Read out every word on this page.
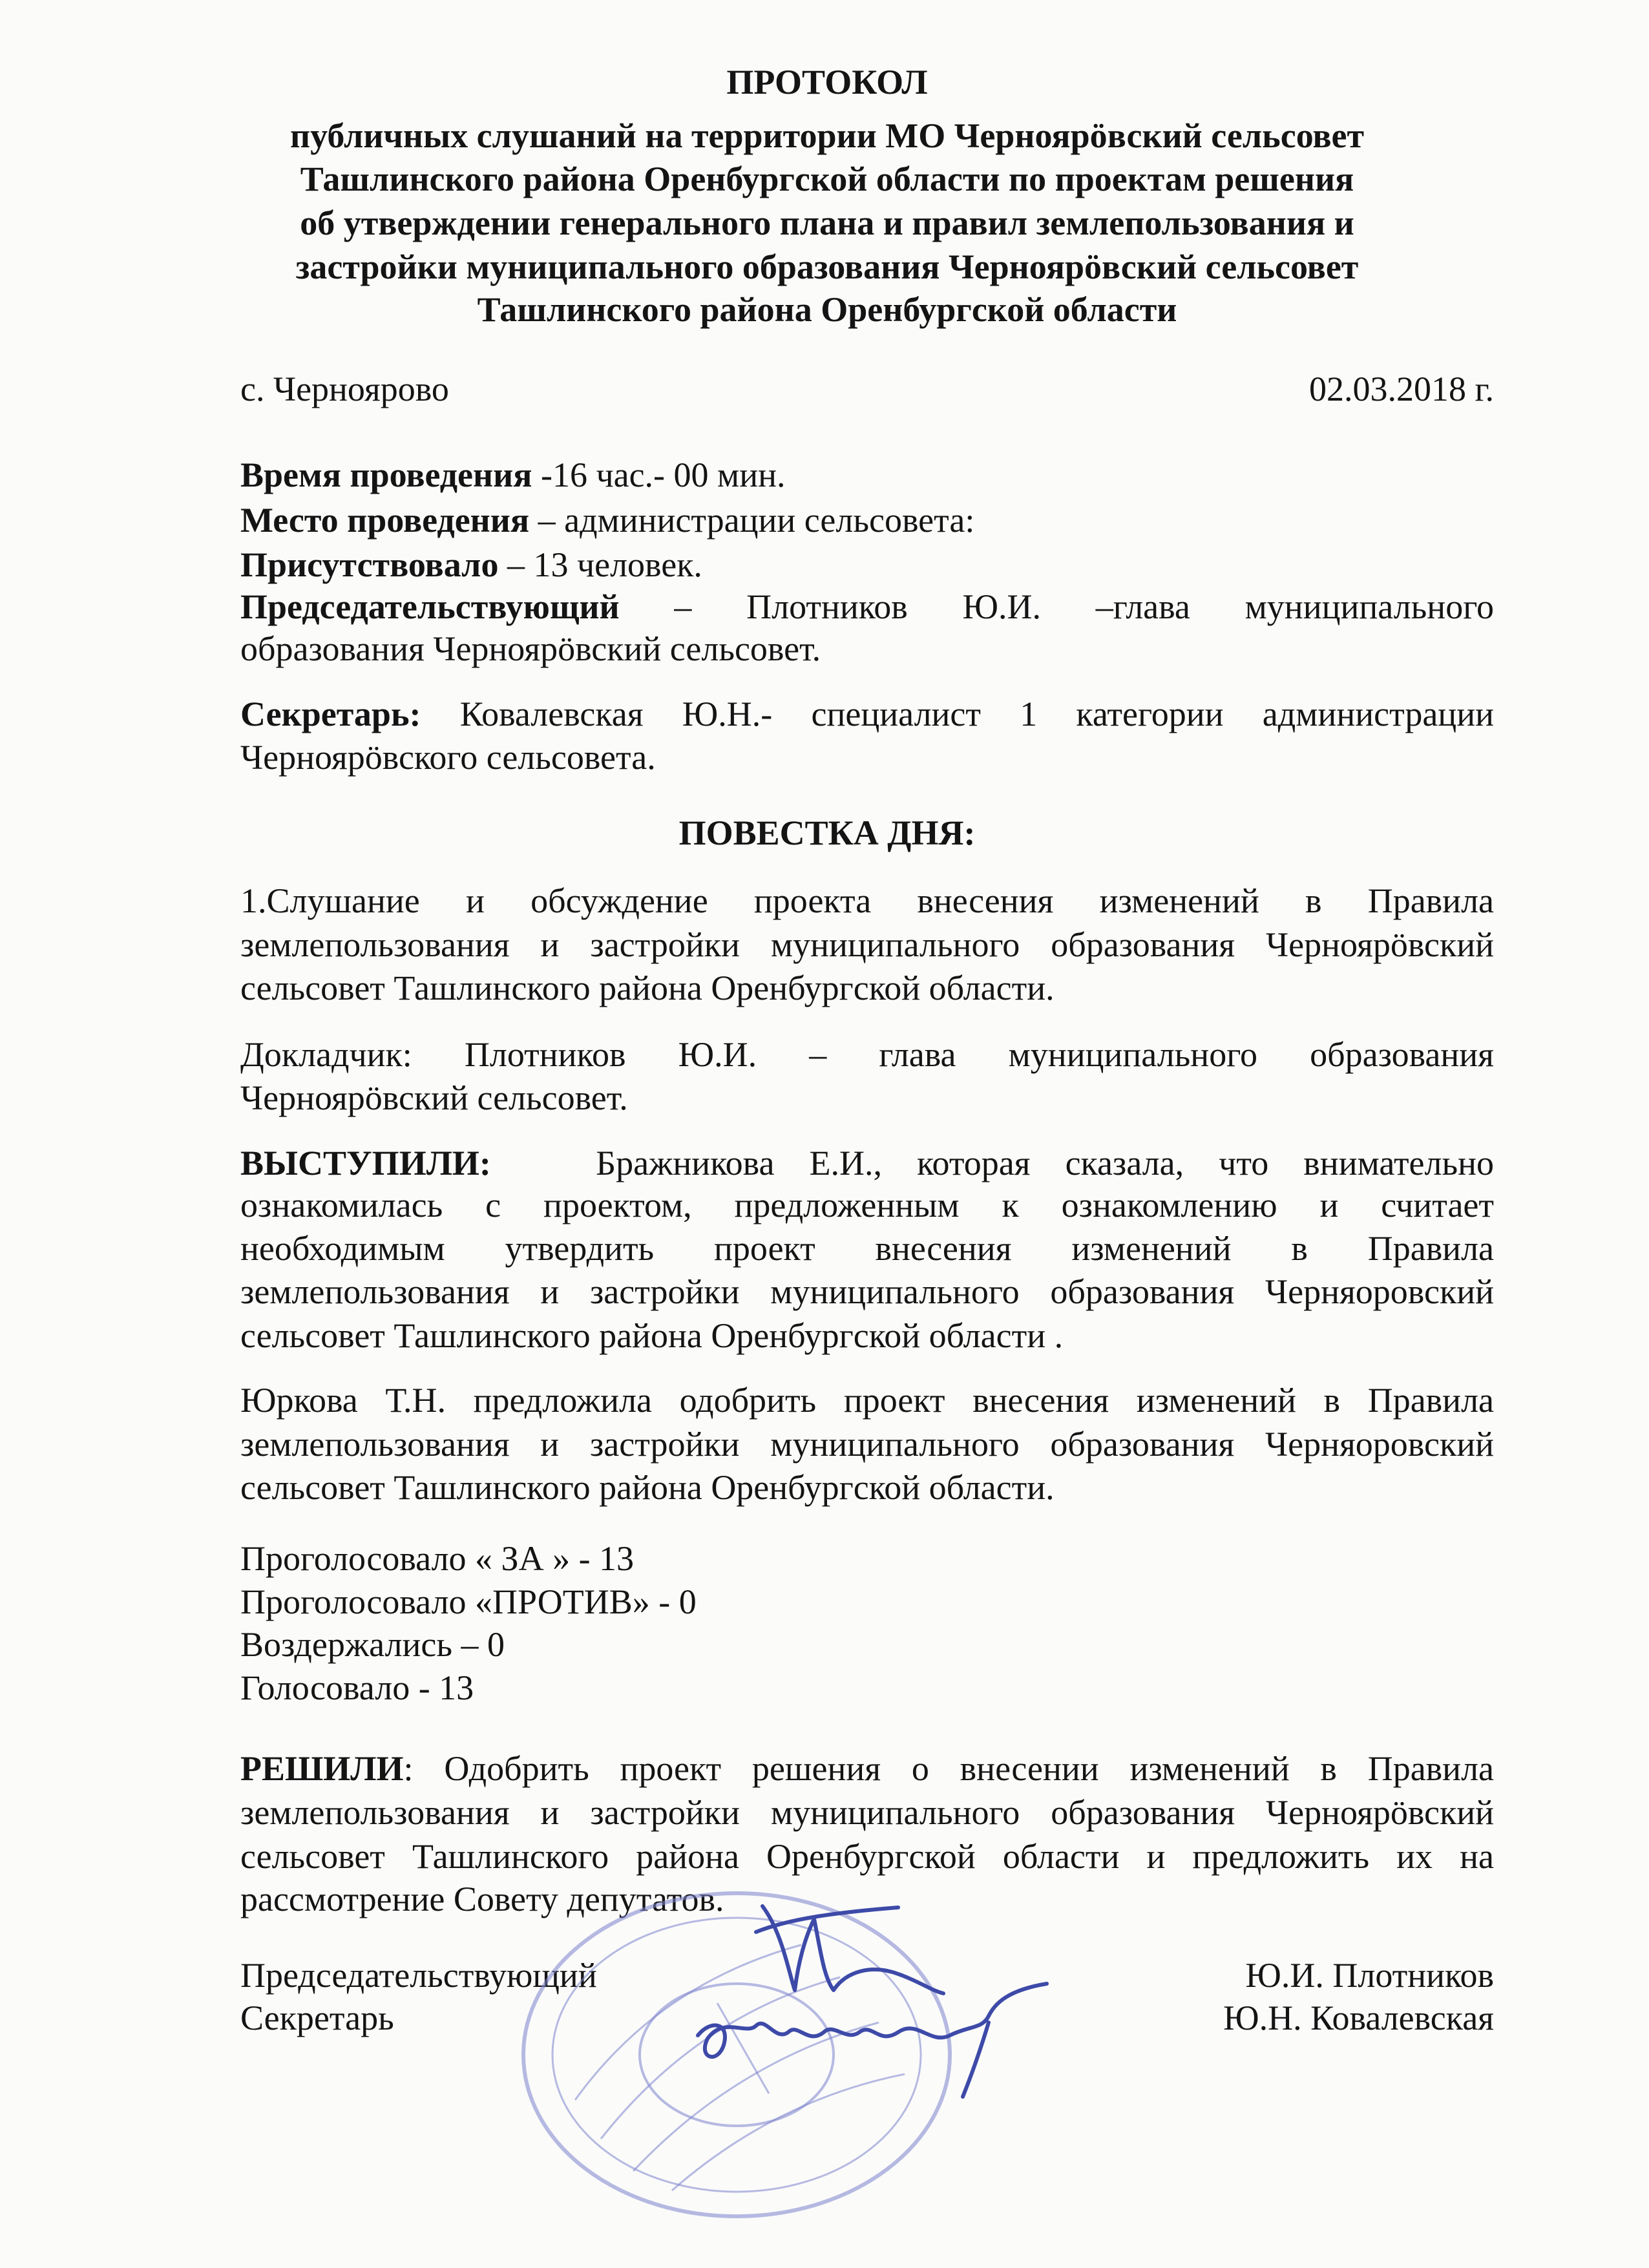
ПРОТОКОЛ
публичных слушаний на территории МО Черноярӧвский сельсовет
Ташлинского района Оренбургской области по проектам решения
об утверждении генерального плана и правил землепользования и
застройки муниципального образования Черноярӧвский сельсовет
Ташлинского района Оренбургской области
с. Черноярово	02.03.2018 г.
Время проведения -16 час.- 00 мин.
Место проведения – администрации сельсовета:
Присутствовало – 13 человек.
Председательствующий – Плотников Ю.И. –глава муниципального
образования Черноярӧвский сельсовет.
Секретарь: Ковалевская Ю.Н.- специалист 1 категории администрации
Черноярӧвского сельсовета.
ПОВЕСТКА ДНЯ:
1.Слушание и обсуждение проекта внесения изменений в Правила
землепользования и застройки муниципального образования Черноярӧвский
сельсовет Ташлинского района Оренбургской области.
Докладчик: Плотников Ю.И. – глава муниципального образования
Черноярӧвский сельсовет.
ВЫСТУПИЛИ:	Бражникова Е.И., которая сказала, что внимательно
ознакомилась с проектом, предложенным к ознакомлению и считает
необходимым утвердить проект внесения изменений в Правила
землепользования и застройки муниципального образования Черняоровский
сельсовет Ташлинского района Оренбургской области .
Юркова Т.Н. предложила одобрить проект внесения изменений в Правила
землепользования и застройки муниципального образования Черняоровский
сельсовет Ташлинского района Оренбургской области.
Проголосовало « ЗА » - 13
Проголосовало «ПРОТИВ» - 0
Воздержались – 0
Голосовало - 13
РЕШИЛИ: Одобрить проект решения о внесении изменений в Правила
землепользования и застройки муниципального образования Черноярӧвский
сельсовет Ташлинского района Оренбургской области и предложить их на
рассмотрение Совету депутатов.
Председательствующий	Ю.И. Плотников
Секретарь	Ю.Н. Ковалевская
